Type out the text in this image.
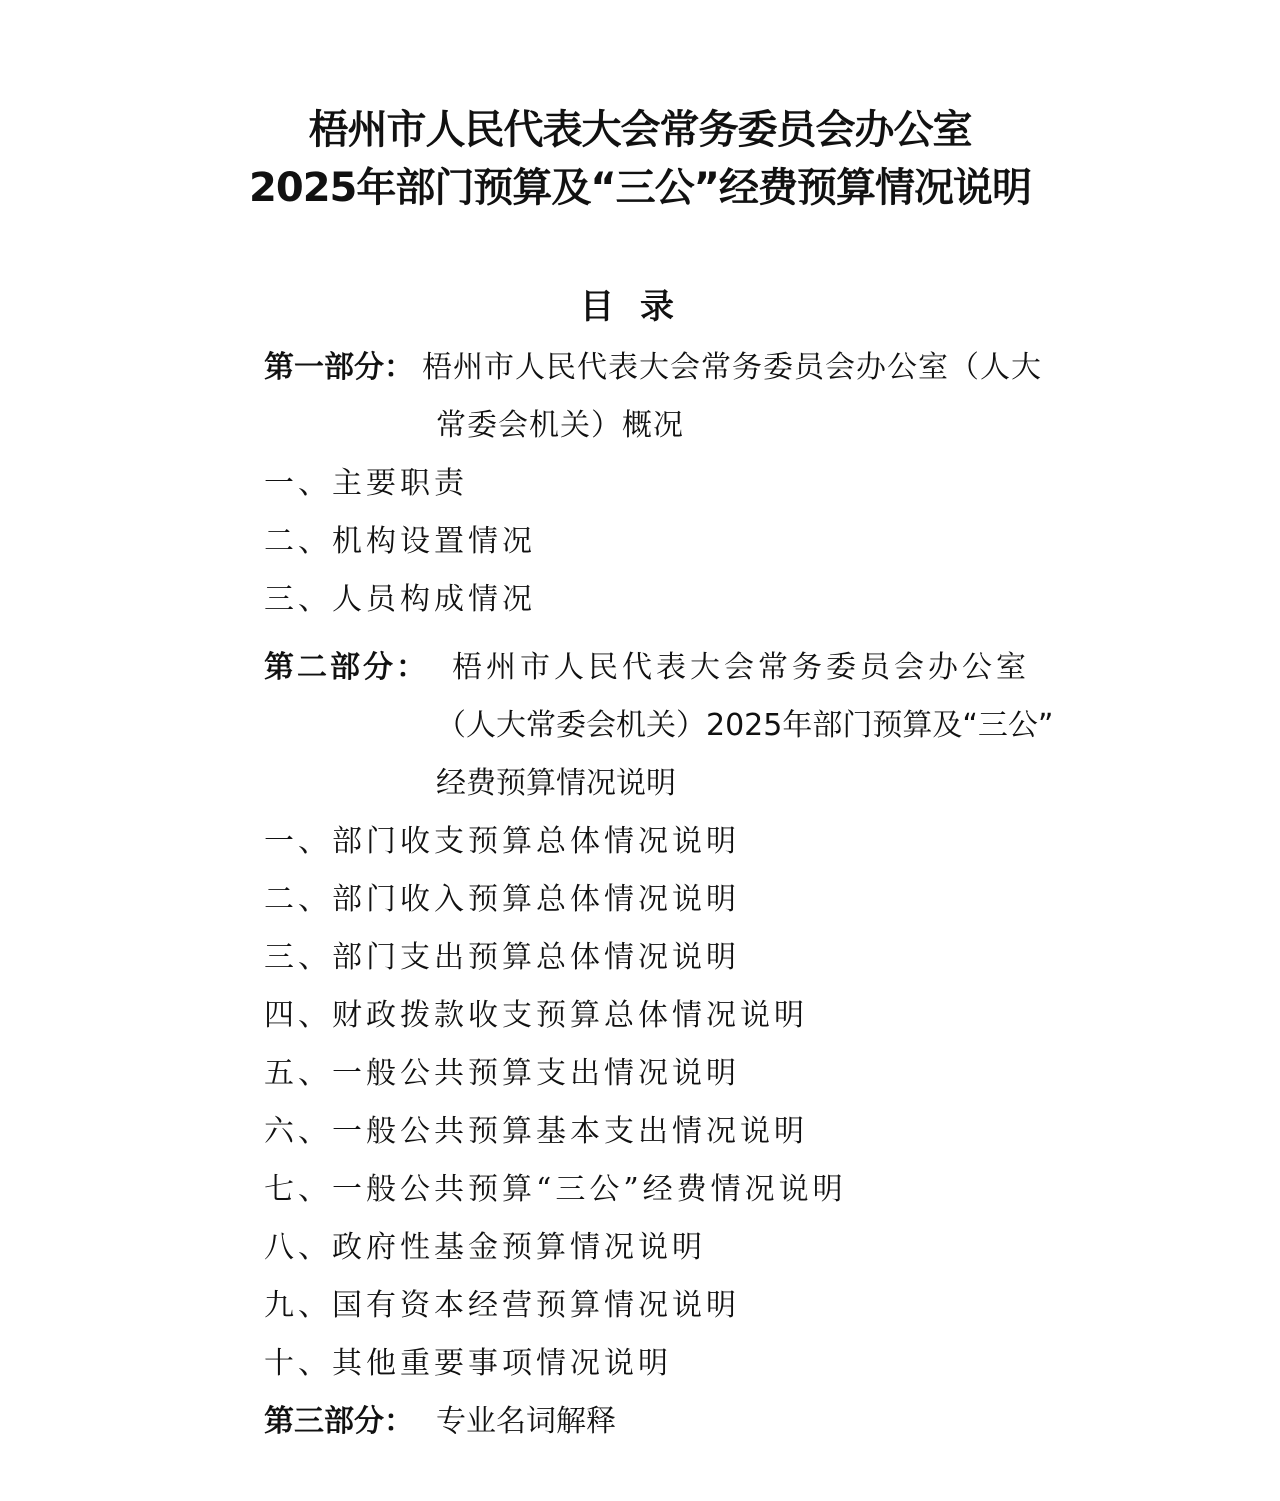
梧州市人民代表大会常务委员会办公室
2025年部门预算及“三公”经费预算情况说明
目录
第一部分： 梧州市人民代表大会常务委员会办公室（人大
常委会机关）概况
一、主要职责
二、机构设置情况
三、人员构成情况
第二部分： 梧州市人民代表大会常务委员会办公室
（人大常委会机关）2025年部门预算及“三公”
经费预算情况说明
一、部门收支预算总体情况说明
二、部门收入预算总体情况说明
三、部门支出预算总体情况说明
四、财政拨款收支预算总体情况说明
五、一般公共预算支出情况说明
六、一般公共预算基本支出情况说明
七、一般公共预算“三公”经费情况说明
八、政府性基金预算情况说明
九、国有资本经营预算情况说明
十、其他重要事项情况说明
第三部分： 专业名词解释
